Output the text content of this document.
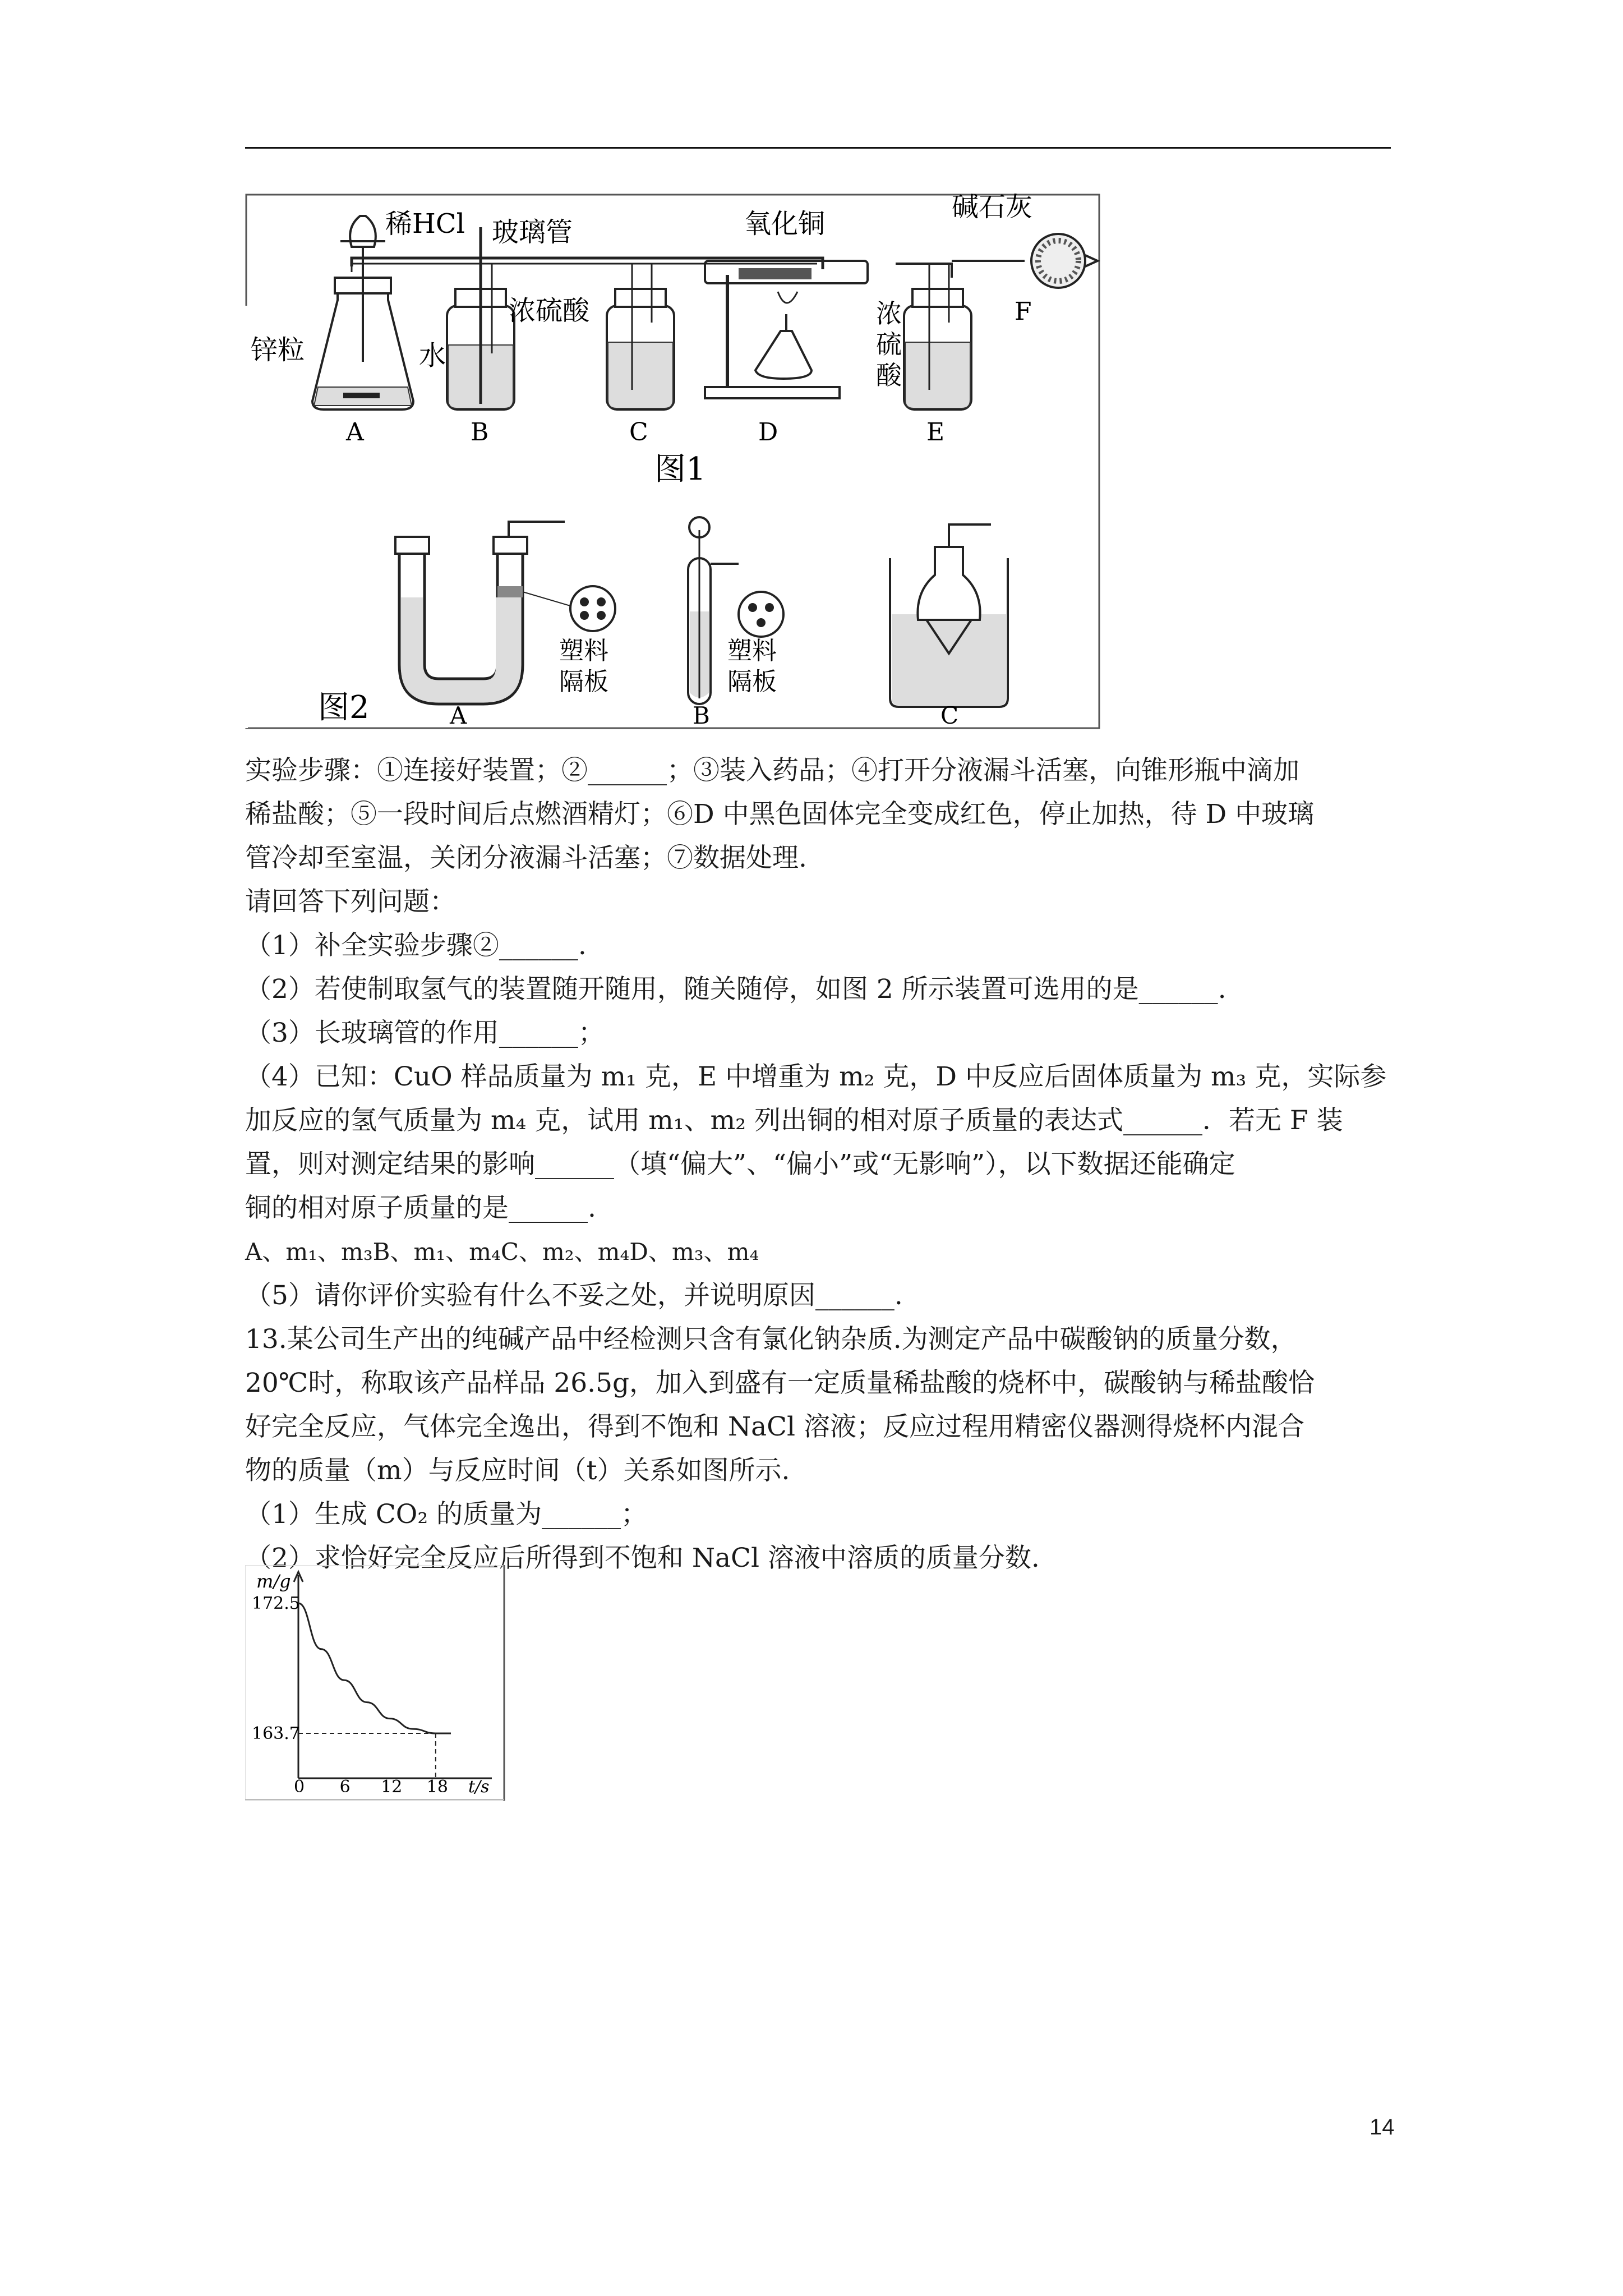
稀HCl 玻璃管	氧化铜
碱石灰
锌粒	水
浓硫酸	浓
硫
酸
F
A	B	C	D	E
图1
塑料
隔板
塑料
隔板
图2	A	B	C
实验步骤：①连接好装置；②______；③装入药品；④打开分液漏斗活塞，向锥形瓶中滴加
稀盐酸；⑤一段时间后点燃酒精灯；⑥D 中黑色固体完全变成红色，停止加热，待 D 中玻璃
管冷却至室温，关闭分液漏斗活塞；⑦数据处理.
请回答下列问题：
（1）补全实验步骤②______.
（2）若使制取氢气的装置随开随用，随关随停，如图 2 所示装置可选用的是______.
（3）长玻璃管的作用______；
（4）已知：CuO 样品质量为 m₁ 克，E 中增重为 m₂ 克，D 中反应后固体质量为 m₃ 克，实际参
加反应的氢气质量为 m₄ 克，试用 m₁、m₂ 列出铜的相对原子质量的表达式______．若无 F 装
置，则对测定结果的影响______（填“偏大”、“偏小”或“无影响”），以下数据还能确定
铜的相对原子质量的是______.
A、m₁、m₃B、m₁、m₄C、m₂、m₄D、m₃、m₄
（5）请你评价实验有什么不妥之处，并说明原因______.
13.某公司生产出的纯碱产品中经检测只含有氯化钠杂质.为测定产品中碳酸钠的质量分数，
20℃时，称取该产品样品 26.5g，加入到盛有一定质量稀盐酸的烧杯中，碳酸钠与稀盐酸恰
好完全反应，气体完全逸出，得到不饱和 NaCl 溶液；反应过程用精密仪器测得烧杯内混合
物的质量（m）与反应时间（t）关系如图所示.
（1）生成 CO₂ 的质量为______；
（2）求恰好完全反应后所得到不饱和 NaCl 溶液中溶质的质量分数.
m/g
t/s
172.5
163.7
0 6 12 18
14
